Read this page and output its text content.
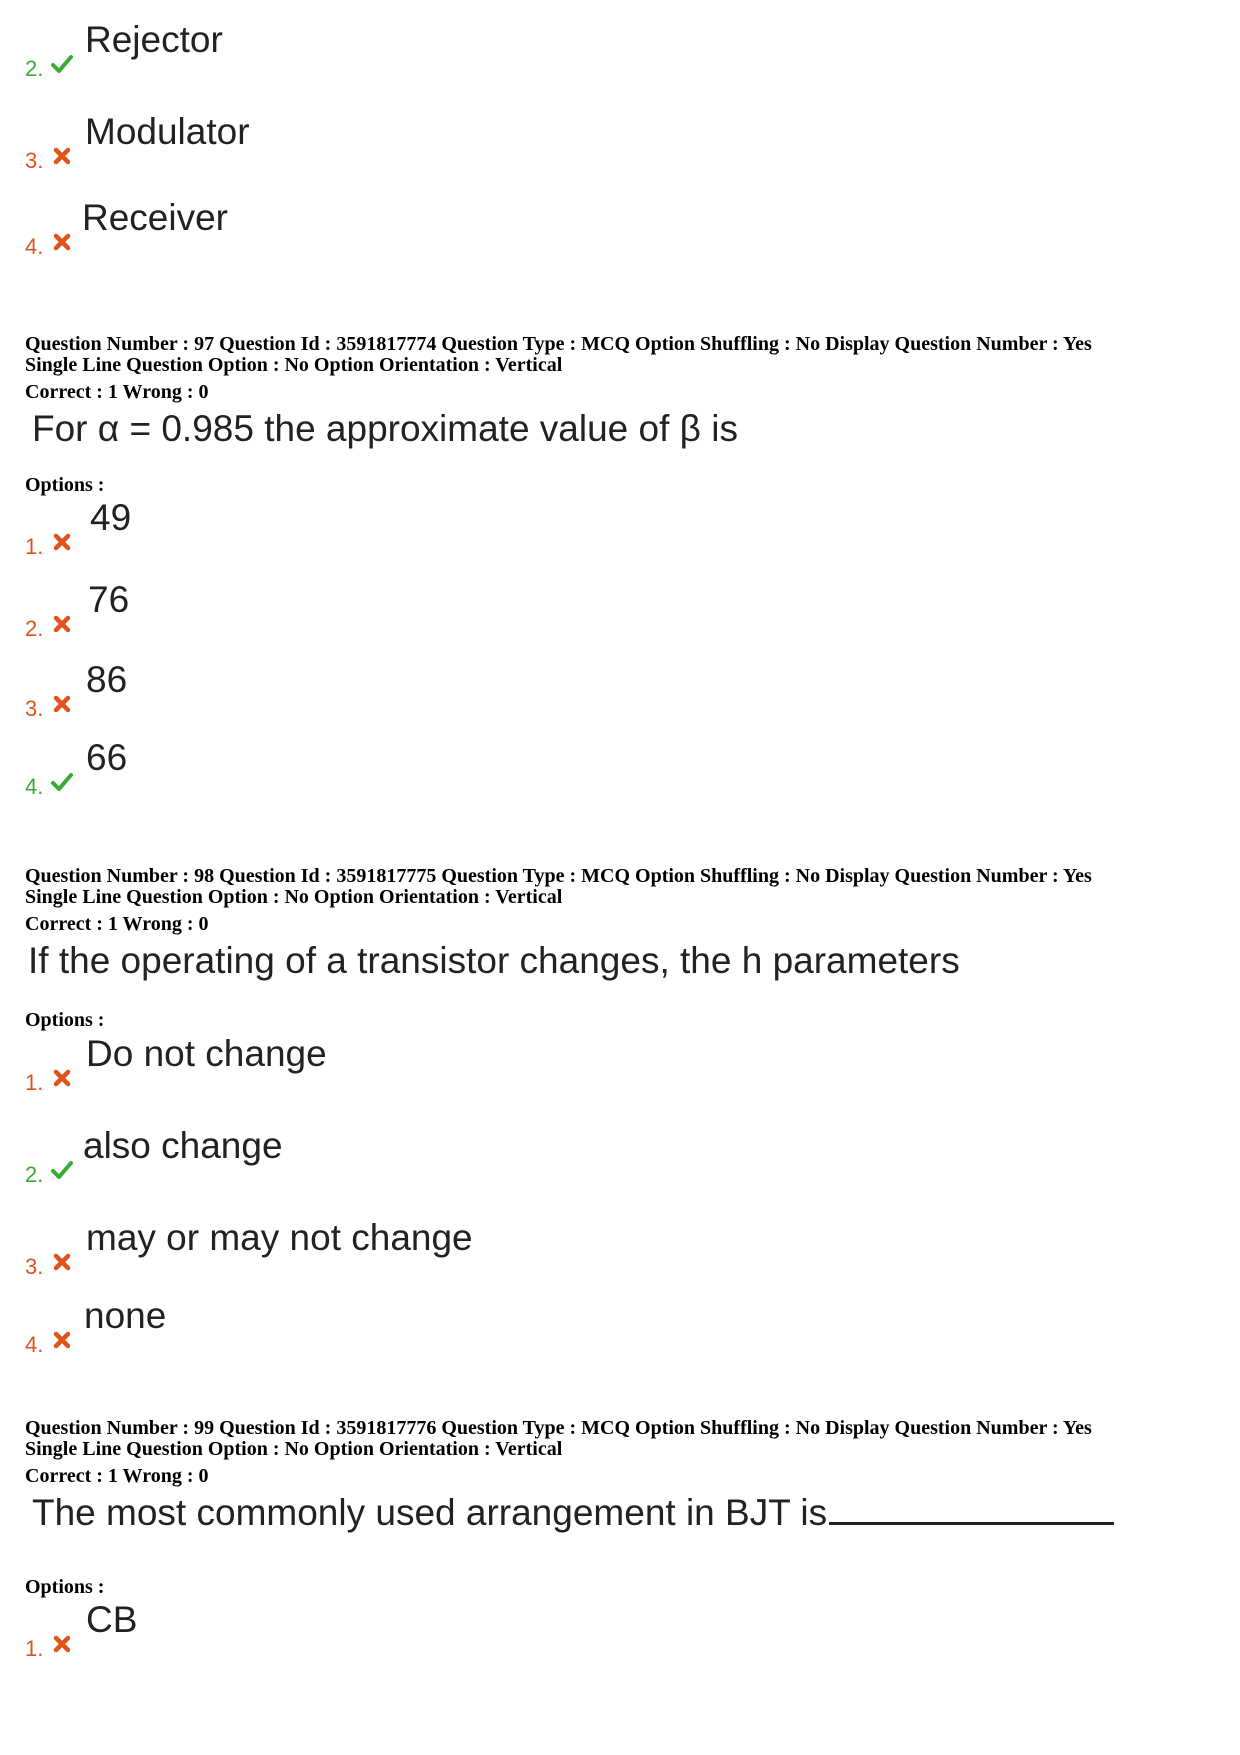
2.
Rejector
3.
Modulator
4.
Receiver
Question Number : 97 Question Id : 3591817774 Question Type : MCQ Option Shuffling : No Display Question Number : Yes
Single Line Question Option : No Option Orientation : Vertical
Correct : 1 Wrong : 0
For α = 0.985 the approximate value of β is
Options :
1.
49
2.
76
3.
86
4.
66
Question Number : 98 Question Id : 3591817775 Question Type : MCQ Option Shuffling : No Display Question Number : Yes
Single Line Question Option : No Option Orientation : Vertical
Correct : 1 Wrong : 0
If the operating of a transistor changes, the h parameters
Options :
1.
Do not change
2.
also change
3.
may or may not change
4.
none
Question Number : 99 Question Id : 3591817776 Question Type : MCQ Option Shuffling : No Display Question Number : Yes
Single Line Question Option : No Option Orientation : Vertical
Correct : 1 Wrong : 0
The most commonly used arrangement in BJT is
Options :
1.
CB
